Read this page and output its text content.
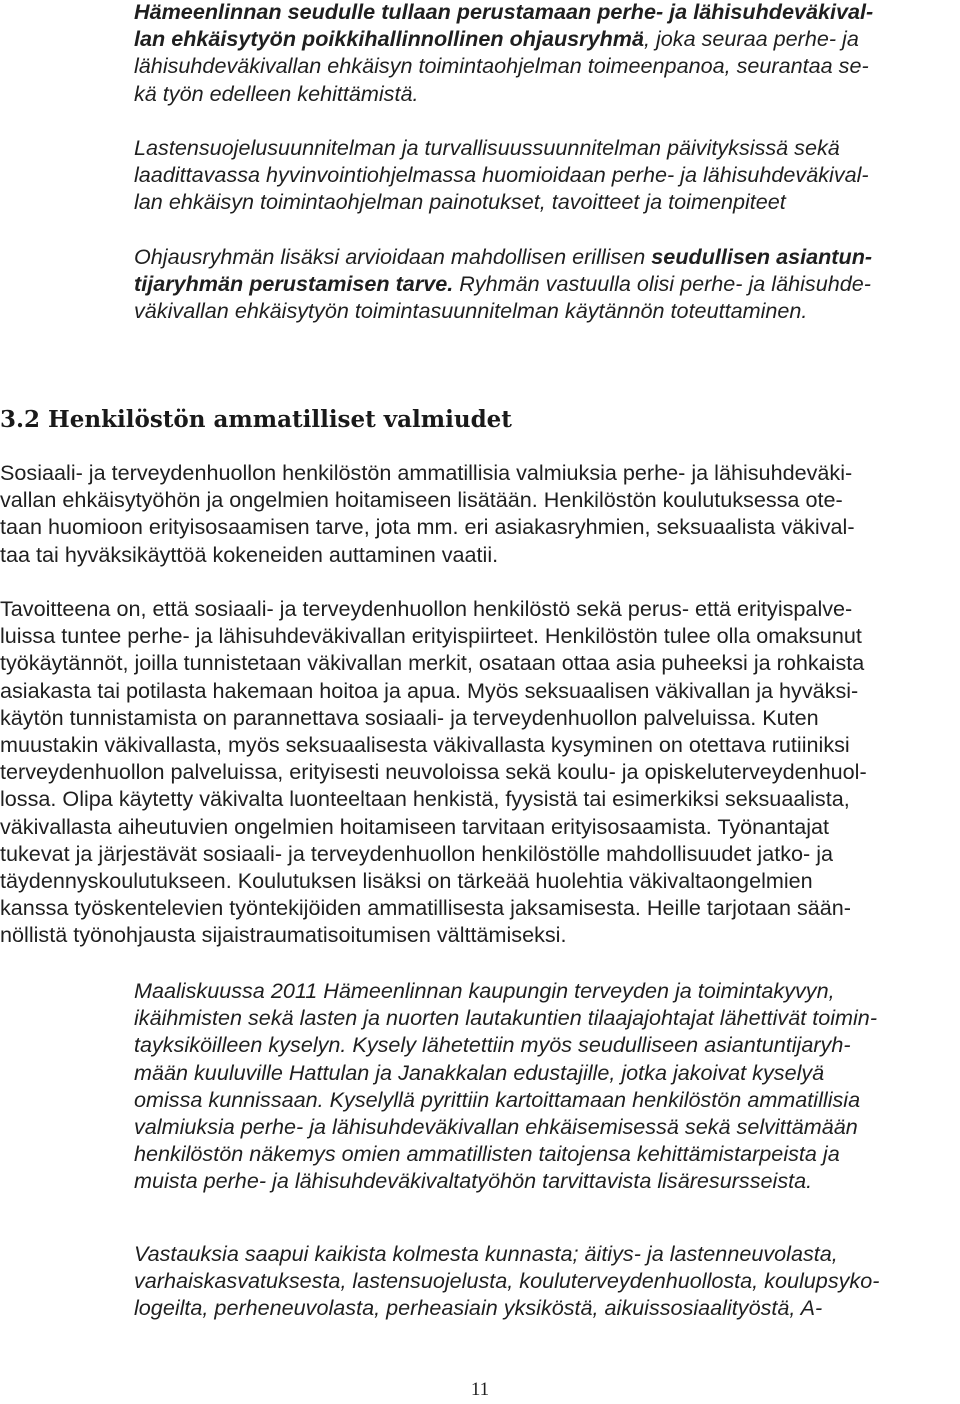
Hämeenlinnan seudulle tullaan perustamaan perhe- ja lähisuhdeväkival-
lan ehkäisytyön poikkihallinnollinen ohjausryhmä, joka seuraa perhe- ja
lähisuhdeväkivallan ehkäisyn toimintaohjelman toimeenpanoa, seurantaa se-
kä työn edelleen kehittämistä.

Lastensuojelusuunnitelman ja turvallisuussuunnitelman päivityksissä sekä
laadittavassa hyvinvointiohjelmassa huomioidaan perhe- ja lähisuhdeväkival-
lan ehkäisyn toimintaohjelman painotukset, tavoitteet ja toimenpiteet

Ohjausryhmän lisäksi arvioidaan mahdollisen erillisen seudullisen asiantun-
tijaryhmän perustamisen tarve. Ryhmän vastuulla olisi perhe- ja lähisuhde-
väkivallan ehkäisytyön toimintasuunnitelman käytännön toteuttaminen.

3.2 Henkilöstön ammatilliset valmiudet

Sosiaali- ja terveydenhuollon henkilöstön ammatillisia valmiuksia perhe- ja lähisuhdeväki-
vallan ehkäisytyöhön ja ongelmien hoitamiseen lisätään. Henkilöstön koulutuksessa ote-
taan huomioon erityisosaamisen tarve, jota mm. eri asiakasryhmien, seksuaalista väkival-
taa tai hyväksikäyttöä kokeneiden auttaminen vaatii.

Tavoitteena on, että sosiaali- ja terveydenhuollon henkilöstö sekä perus- että erityispalve-
luissa tuntee perhe- ja lähisuhdeväkivallan erityispiirteet. Henkilöstön tulee olla omaksunut
työkäytännöt, joilla tunnistetaan väkivallan merkit, osataan ottaa asia puheeksi ja rohkaista
asiakasta tai potilasta hakemaan hoitoa ja apua. Myös seksuaalisen väkivallan ja hyväksi-
käytön tunnistamista on parannettava sosiaali- ja terveydenhuollon palveluissa. Kuten
muustakin väkivallasta, myös seksuaalisesta väkivallasta kysyminen on otettava rutiiniksi
terveydenhuollon palveluissa, erityisesti neuvoloissa sekä koulu- ja opiskeluterveydenhuol-
lossa. Olipa käytetty väkivalta luonteeltaan henkistä, fyysistä tai esimerkiksi seksuaalista,
väkivallasta aiheutuvien ongelmien hoitamiseen tarvitaan erityisosaamista. Työnantajat
tukevat ja järjestävät sosiaali- ja terveydenhuollon henkilöstölle mahdollisuudet jatko- ja
täydennyskoulutukseen. Koulutuksen lisäksi on tärkeää huolehtia väkivaltaongelmien
kanssa työskentelevien työntekijöiden ammatillisesta jaksamisesta. Heille tarjotaan sään-
nöllistä työnohjausta sijaistraumatisoitumisen välttämiseksi.

Maaliskuussa 2011 Hämeenlinnan kaupungin terveyden ja toimintakyvyn,
ikäihmisten sekä lasten ja nuorten lautakuntien tilaajajohtajat lähettivät toimin-
tayksiköilleen kyselyn. Kysely lähetettiin myös seudulliseen asiantuntijaryh-
mään kuuluville Hattulan ja Janakkalan edustajille, jotka jakoivat kyselyä
omissa kunnissaan. Kyselyllä pyrittiin kartoittamaan henkilöstön ammatillisia
valmiuksia perhe- ja lähisuhdeväkivallan ehkäisemisessä sekä selvittämään
henkilöstön näkemys omien ammatillisten taitojensa kehittämistarpeista ja
muista perhe- ja lähisuhdeväkivaltatyöhön tarvittavista lisäresursseista.

Vastauksia saapui kaikista kolmesta kunnasta; äitiys- ja lastenneuvolasta,
varhaiskasvatuksesta, lastensuojelusta, kouluterveydenhuollosta, koulupsyko-
logeilta, perheneuvolasta, perheasiain yksiköstä, aikuissosiaalityöstä, A-

11
